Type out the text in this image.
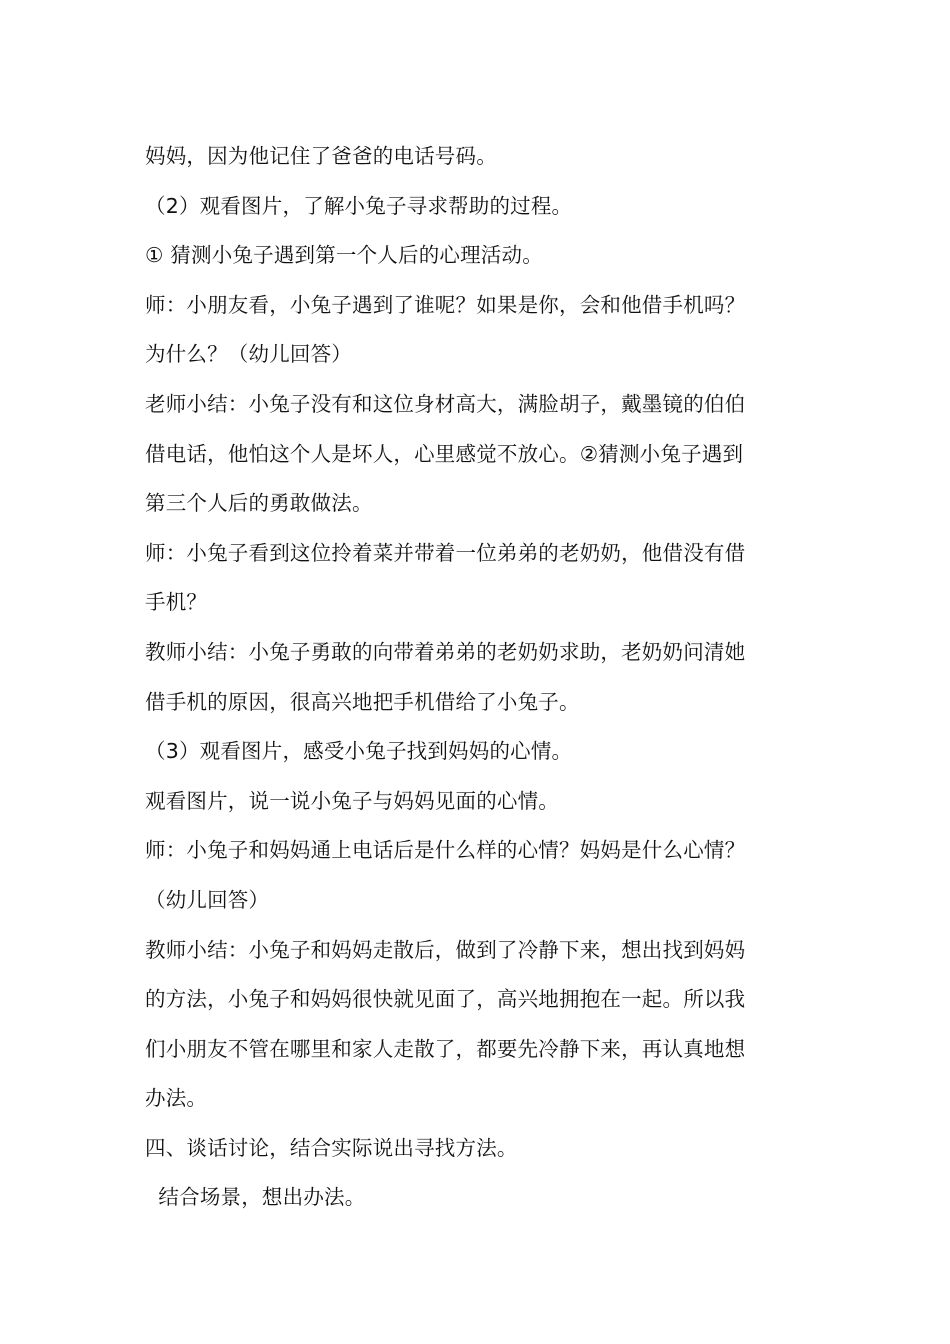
妈妈，因为他记住了爸爸的电话号码。
（2）观看图片，了解小兔子寻求帮助的过程。
① 猜测小兔子遇到第一个人后的心理活动。
师：小朋友看，小兔子遇到了谁呢？如果是你，会和他借手机吗？
为什么？（幼儿回答）
老师小结：小兔子没有和这位身材高大，满脸胡子，戴墨镜的伯伯
借电话，他怕这个人是坏人，心里感觉不放心。②猜测小兔子遇到
第三个人后的勇敢做法。
师：小兔子看到这位拎着菜并带着一位弟弟的老奶奶，他借没有借
手机？
教师小结：小兔子勇敢的向带着弟弟的老奶奶求助，老奶奶问清她
借手机的原因，很高兴地把手机借给了小兔子。
（3）观看图片，感受小兔子找到妈妈的心情。
观看图片，说一说小兔子与妈妈见面的心情。
师：小兔子和妈妈通上电话后是什么样的心情？妈妈是什么心情？
（幼儿回答）
教师小结：小兔子和妈妈走散后，做到了冷静下来，想出找到妈妈
的方法，小兔子和妈妈很快就见面了，高兴地拥抱在一起。所以我
们小朋友不管在哪里和家人走散了，都要先冷静下来，再认真地想
办法。
四、谈话讨论，结合实际说出寻找方法。
结合场景，想出办法。
